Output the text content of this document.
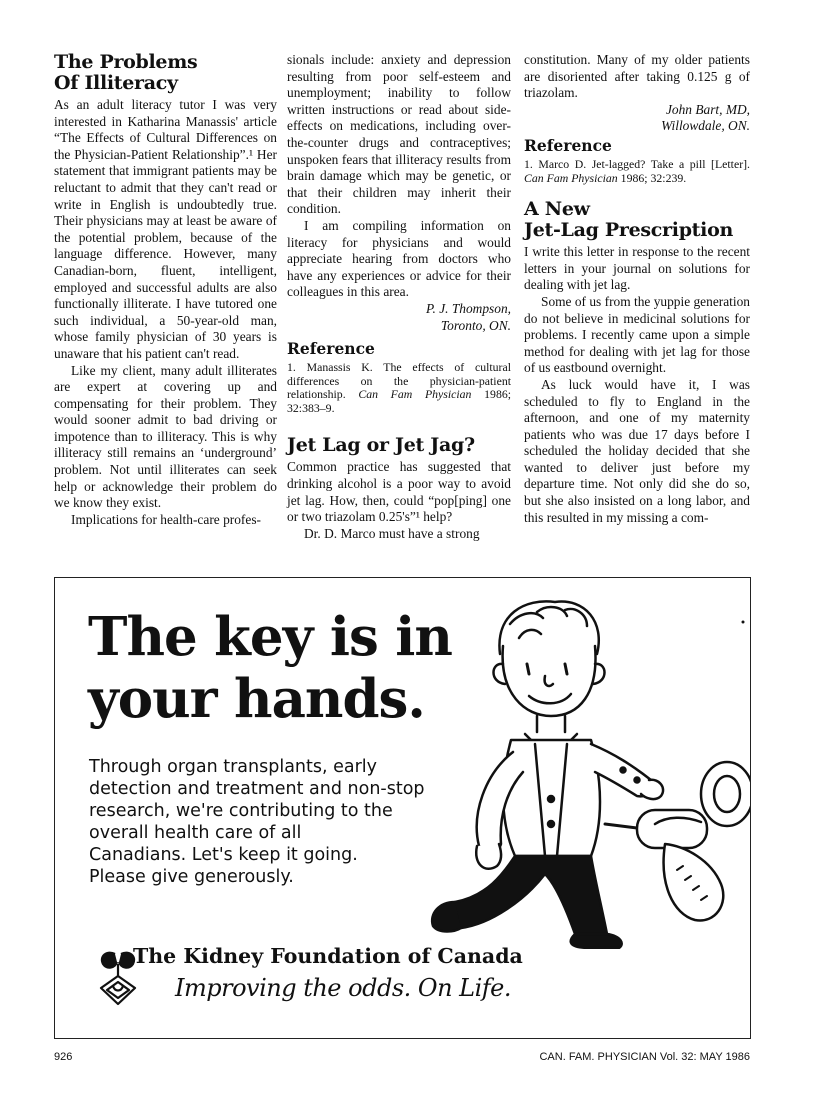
The Problems
Of Illiteracy

As an adult literacy tutor I was very interested in Katharina Manassis' article “The Effects of Cultural Differences on the Physician-Patient Relationship”.¹ Her statement that immigrant patients may be reluctant to admit that they can't read or write in English is undoubtedly true. Their physicians may at least be aware of the potential problem, because of the language difference. However, many Canadian-born, fluent, intelligent, employed and successful adults are also functionally illiterate. I have tutored one such individual, a 50-year-old man, whose family physician of 30 years is unaware that his patient can't read.

Like my client, many adult illiterates are expert at covering up and compensating for their problem. They would sooner admit to bad driving or impotence than to illiteracy. This is why illiteracy still remains an ‘underground’ problem. Not until illiterates can seek help or acknowledge their problem do we know they exist.

Implications for health-care profes-

sionals include: anxiety and depression resulting from poor self-esteem and unemployment; inability to follow written instructions or read about side-effects on medications, including over-the-counter drugs and contraceptives; unspoken fears that illiteracy results from brain damage which may be genetic, or that their children may inherit their condition.

I am compiling information on literacy for physicians and would appreciate hearing from doctors who have any experiences or advice for their colleagues in this area.

P. J. Thompson,
Toronto, ON.
Reference

1. Manassis K. The effects of cultural differences on the physician-patient relationship. Can Fam Physician 1986; 32:383–9.

Jet Lag or Jet Jag?

Common practice has suggested that drinking alcohol is a poor way to avoid jet lag. How, then, could “pop[ping] one or two triazolam 0.25's”¹ help?

Dr. D. Marco must have a strong

constitution. Many of my older patients are disoriented after taking 0.125 g of triazolam.

John Bart, MD,
Willowdale, ON.
Reference

1. Marco D. Jet-lagged? Take a pill [Letter]. Can Fam Physician 1986; 32:239.

A New
Jet-Lag Prescription

I write this letter in response to the recent letters in your journal on solutions for dealing with jet lag.

Some of us from the yuppie generation do not believe in medicinal solutions for problems. I recently came upon a simple method for dealing with jet lag for those of us eastbound overnight.

As luck would have it, I was scheduled to fly to England in the afternoon, and one of my maternity patients who was due 17 days before I scheduled the holiday decided that she wanted to deliver just before my departure time. Not only did she do so, but she also insisted on a long labor, and this resulted in my missing a com-

The key is in
your hands.
Through organ transplants, early
detection and treatment and non-stop
research, we're contributing to the
overall health care of all
Canadians. Let's keep it going.
Please give generously.
The Kidney Foundation of Canada
Improving the odds. On Life.
926	CAN. FAM. PHYSICIAN Vol. 32: MAY 1986
